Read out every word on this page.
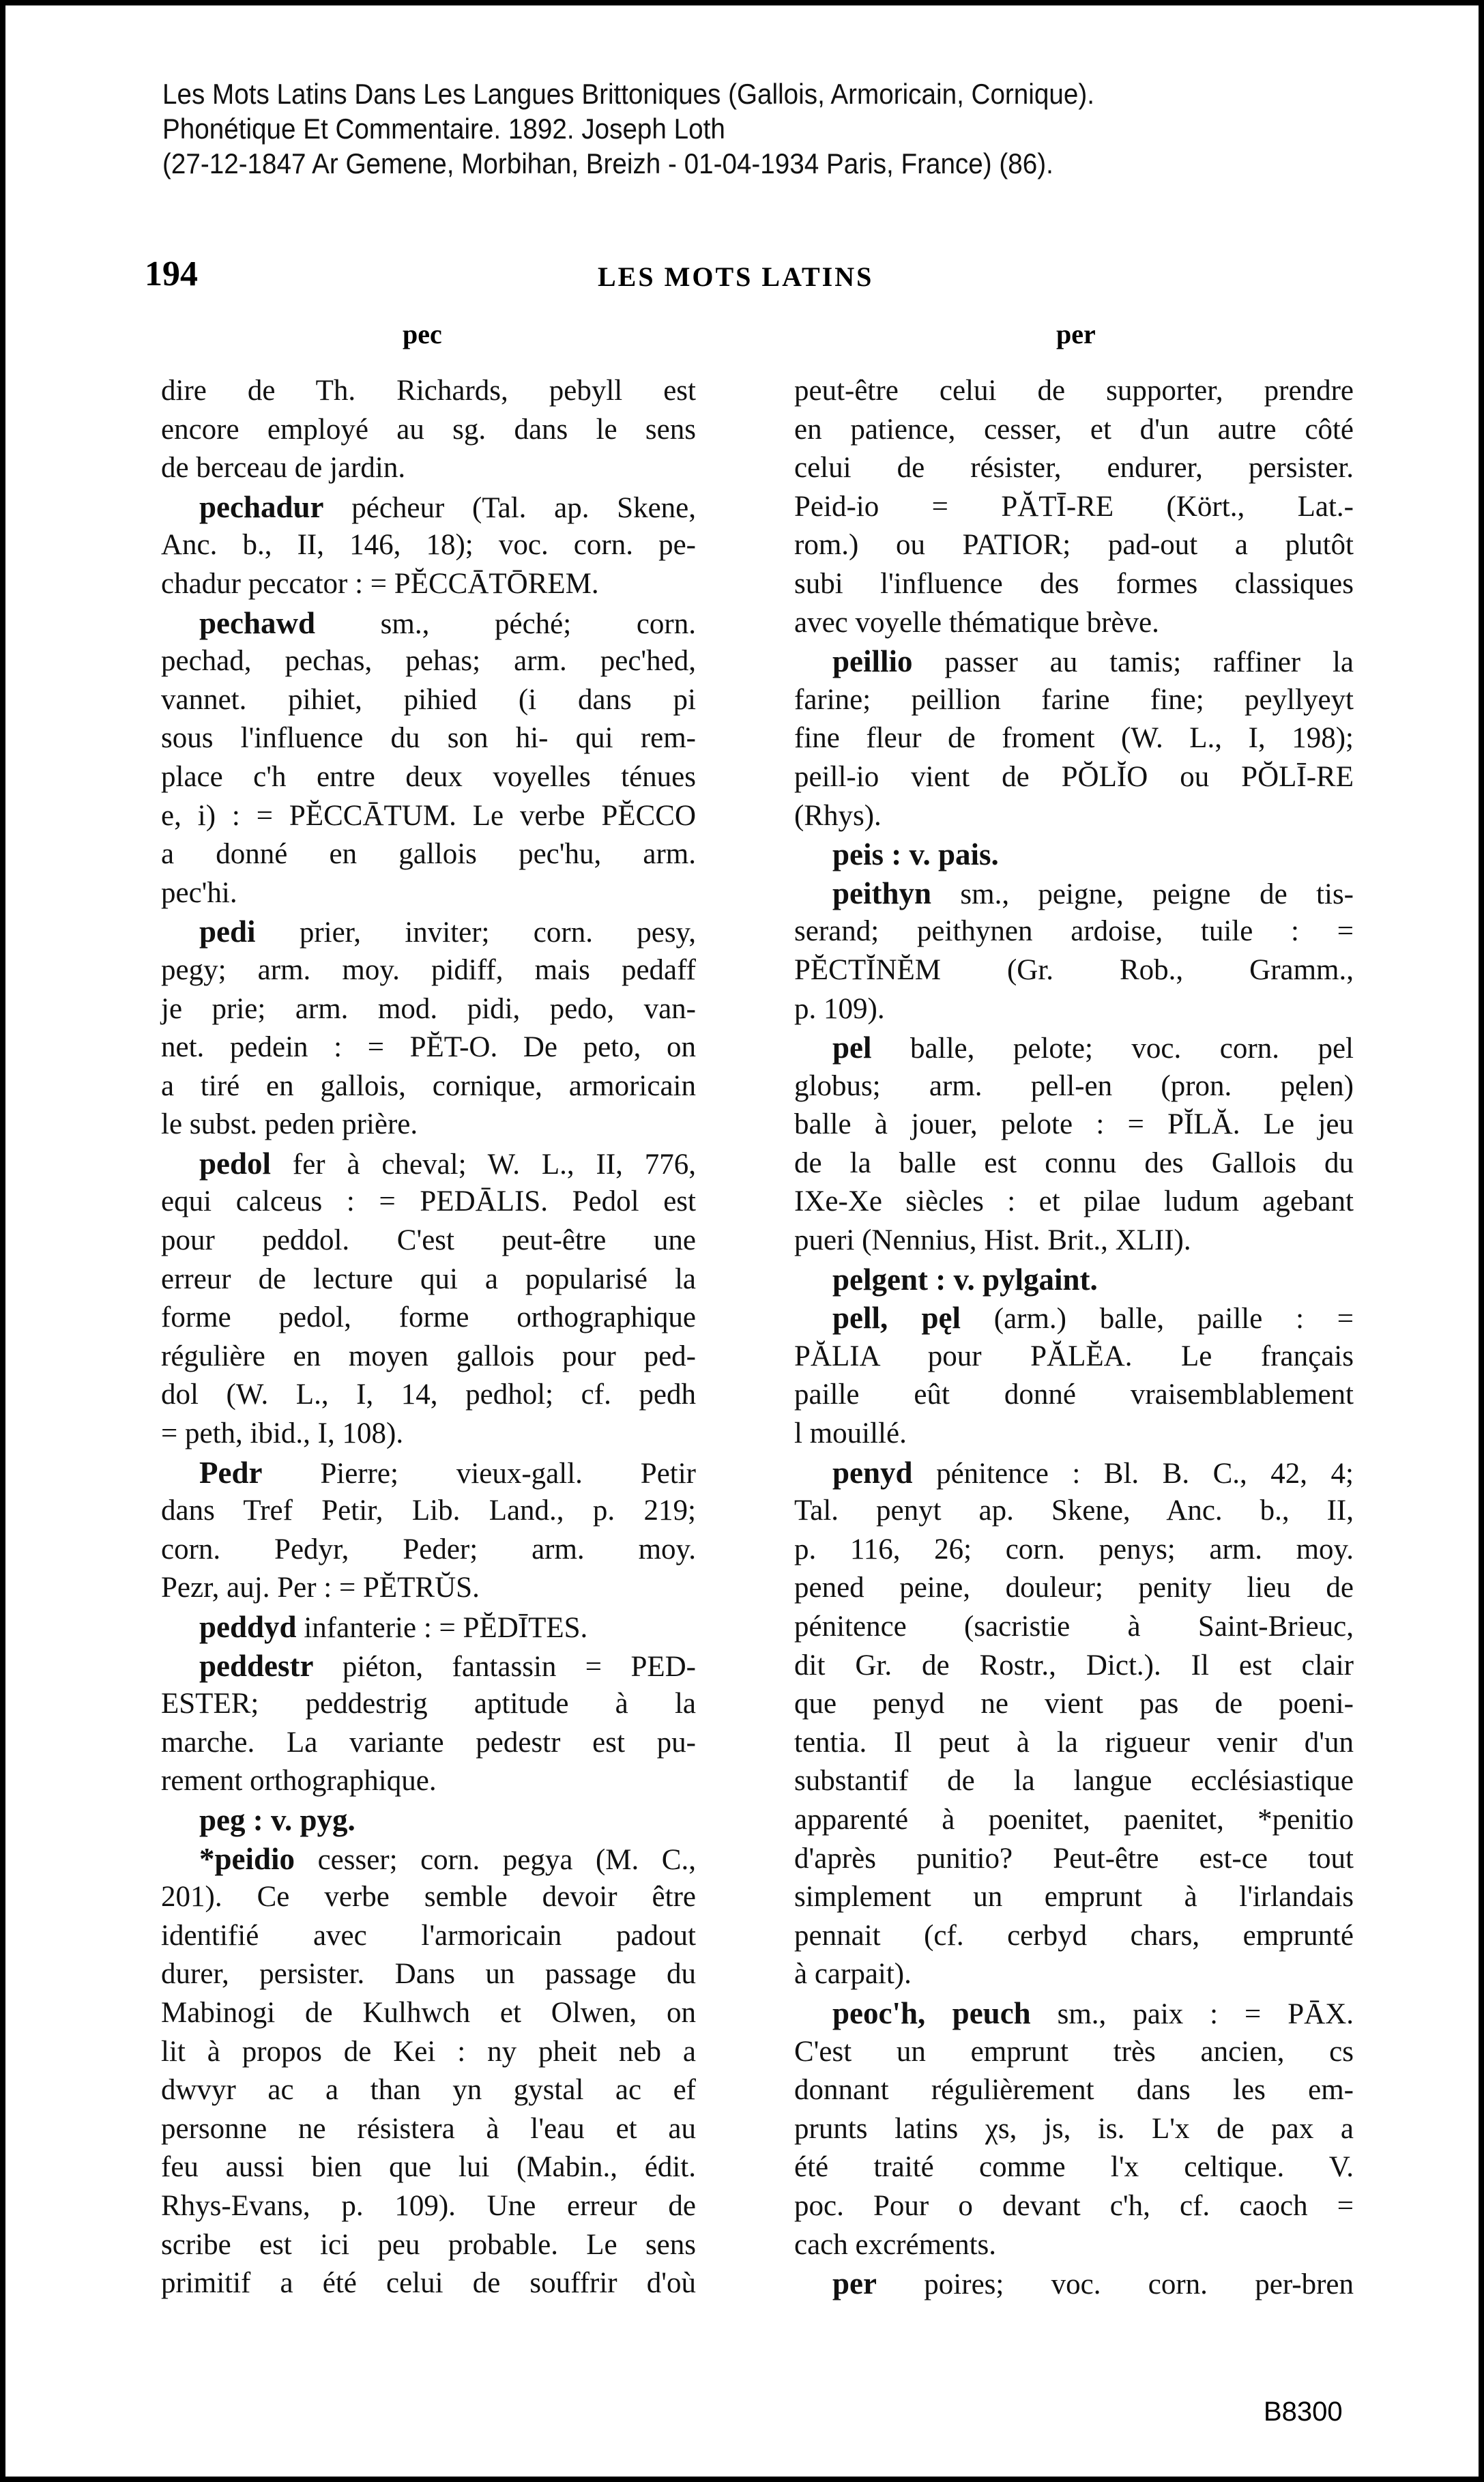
Les Mots Latins Dans Les Langues Brittoniques (Gallois, Armoricain, Cornique).
Phonétique Et Commentaire. 1892. Joseph Loth
(27-12-1847 Ar Gemene, Morbihan, Breizh - 01-04-1934 Paris, France) (86).
194	LES MOTS LATINS
pec	per
dire de Th. Richards, pebyll est
encore employé au sg. dans le sens
de berceau de jardin.
pechadur pécheur (Tal. ap. Skene,
Anc. b., II, 146, 18); voc. corn. pe-
chadur peccator : = PĔCCĀTŌREM.
pechawd sm., péché; corn.
pechad, pechas, pehas; arm. pec'hed,
vannet. pihiet, pihied (i dans pi
sous l'influence du son hi- qui rem-
place c'h entre deux voyelles ténues
e, i) : = PĔCCĀTUM. Le verbe PĔCCO
a donné en gallois pec'hu, arm.
pec'hi.
pedi prier, inviter; corn. pesy,
pegy; arm. moy. pidiff, mais pedaff
je prie; arm. mod. pidi, pedo, van-
net. pedein : = PĔT-O. De peto, on
a tiré en gallois, cornique, armoricain
le subst. peden prière.
pedol fer à cheval; W. L., II, 776,
equi calceus : = PEDĀLIS. Pedol est
pour peddol. C'est peut-être une
erreur de lecture qui a popularisé la
forme pedol, forme orthographique
régulière en moyen gallois pour ped-
dol (W. L., I, 14, pedhol; cf. pedh
= peth, ibid., I, 108).
Pedr Pierre; vieux-gall. Petir
dans Tref Petir, Lib. Land., p. 219;
corn. Pedyr, Peder; arm. moy.
Pezr, auj. Per : = PĔTRŬS.
peddyd infanterie : = PĔDĪTES.
peddestr piéton, fantassin = PED-
ESTER; peddestrig aptitude à la
marche. La variante pedestr est pu-
rement orthographique.
peg : v. pyg.
*peidio cesser; corn. pegya (M. C.,
201). Ce verbe semble devoir être
identifié avec l'armoricain padout
durer, persister. Dans un passage du
Mabinogi de Kulhwch et Olwen, on
lit à propos de Kei : ny pheit neb a
dwvyr ac a than yn gystal ac ef
personne ne résistera à l'eau et au
feu aussi bien que lui (Mabin., édit.
Rhys-Evans, p. 109). Une erreur de
scribe est ici peu probable. Le sens
primitif a été celui de souffrir d'où
peut-être celui de supporter, prendre
en patience, cesser, et d'un autre côté
celui de résister, endurer, persister.
Peid-io = PĂTĪ-RE (Kört., Lat.-
rom.) ou PATIOR; pad-out a plutôt
subi l'influence des formes classiques
avec voyelle thématique brève.
peillio passer au tamis; raffiner la
farine; peillion farine fine; peyllyeyt
fine fleur de froment (W. L., I, 198);
peill-io vient de PŎLĬO ou PŎLĪ-RE
(Rhys).
peis : v. pais.
peithyn sm., peigne, peigne de tis-
serand; peithynen ardoise, tuile : =
PĔCTĬNĔM (Gr. Rob., Gramm.,
p. 109).
pel balle, pelote; voc. corn. pel
globus; arm. pell-en (pron. pęlen)
balle à jouer, pelote : = PĬLĂ. Le jeu
de la balle est connu des Gallois du
IXe-Xe siècles : et pilae ludum agebant
pueri (Nennius, Hist. Brit., XLII).
pelgent : v. pylgaint.
pell, pęl (arm.) balle, paille : =
PĂLIA pour PĂLĔA. Le français
paille eût donné vraisemblablement
l mouillé.
penyd pénitence : Bl. B. C., 42, 4;
Tal. penyt ap. Skene, Anc. b., II,
p. 116, 26; corn. penys; arm. moy.
pened peine, douleur; penity lieu de
pénitence (sacristie à Saint-Brieuc,
dit Gr. de Rostr., Dict.). Il est clair
que penyd ne vient pas de poeni-
tentia. Il peut à la rigueur venir d'un
substantif de la langue ecclésiastique
apparenté à poenitet, paenitet, *penitio
d'après punitio? Peut-être est-ce tout
simplement un emprunt à l'irlandais
pennait (cf. cerbyd chars, emprunté
à carpait).
peoc'h, peuch sm., paix : = PĀX.
C'est un emprunt très ancien, cs
donnant régulièrement dans les em-
prunts latins χs, js, is. L'x de pax a
été traité comme l'x celtique. V.
poc. Pour o devant c'h, cf. caoch =
cach excréments.
per poires; voc. corn. per-bren
B8300
